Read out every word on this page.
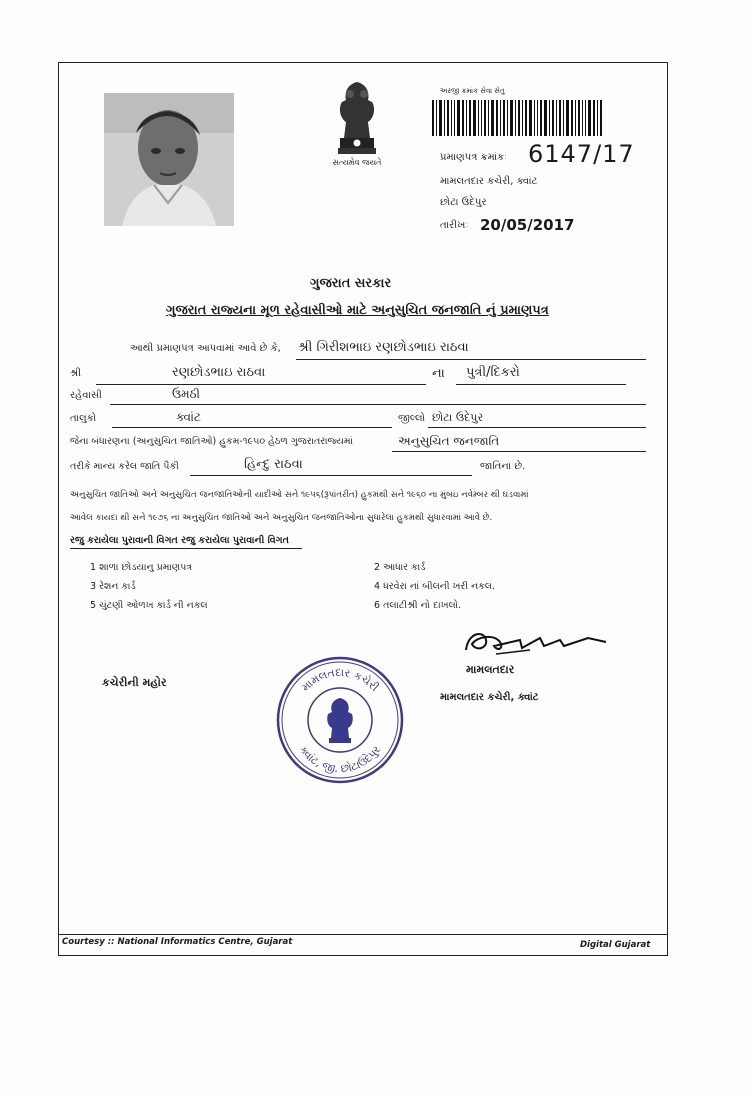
સત્યમેવ જયતે
અરજી ક્રમાંક સેવા સેતુ
પ્રમાણપત્ર ક્રમાંકઃ 6147/17
મામલતદાર કચેરી, ક્વાંટ
છોટા ઉદેપુર
તારીખઃ 20/05/2017
ગુજરાત સરકાર
ગુજરાત રાજ્યના મૂળ રહેવાસીઓ માટે અનુસુચિત જનજાતિ નું પ્રમાણપત્ર
આથી પ્રમાણપત્ર આપવામાં આવે છે કે, શ્રી ગિરીશભાઇ રણછોડભાઇ રાઠવા
શ્રી	રણછોડભાઇ રાઠવા	ના પુત્રી/દિકરો
રહેવાસી	ઉમઠી
તાલુકો	ક્વાંટ	જીલ્લો છોટા ઉદેપુર
જેના બંધારણના (અનુસુચિત જાતિઓ) હુકમ-૧૯૫૦ હેઠળ ગુજરાતરાજ્યમાં	અનુસુચિત જનજાતિ
તરીકે માન્ય કરેલ જાતિ પૈકી	હિન્દુ રાઠવા	જાતિના છે.
અનુસુચિત જાતિઓ અને અનુસુચિત જનજાતિઓની યાદીઓ સને ૧૯૫૬(રૂપાંતરીત) હુકમથી સને ૧૯૬૦ ના મુંબઇ નવેમ્બર થી ઘડવામાં
આવેલ કાયદા થી સને ૧૯૭૬ ના અનુસુચિત જાતિઓ અને અનુસુચિત જનજાતિઓના સુધારેલા હુકમથી સુધારવામાં આવે છે.
રજુ કરાયેલા પુરાવાની વિગત રજુ કરાયેલા પુરાવાની વિગત
1 શાળા છોડયાનુ પ્રમાણપત્ર	2 આધાર કાર્ડ
3 રેશન કાર્ડ	4 ધરવેરા નાં બીલની ખરી નકલ.
5 ચુંટણી ઓળખ કાર્ડ ની નકલ	6 તલાટીશ્રી નો દાખલો.
મામલતદાર
મામલતદાર કચેરી, ક્વાંટ
કચેરીની મહોર	મામલતદાર કચેરી
ક્વાંટ, જી. છોટાઉદેપુર
Courtesy :: National Informatics Centre, Gujarat	Digital Gujarat
